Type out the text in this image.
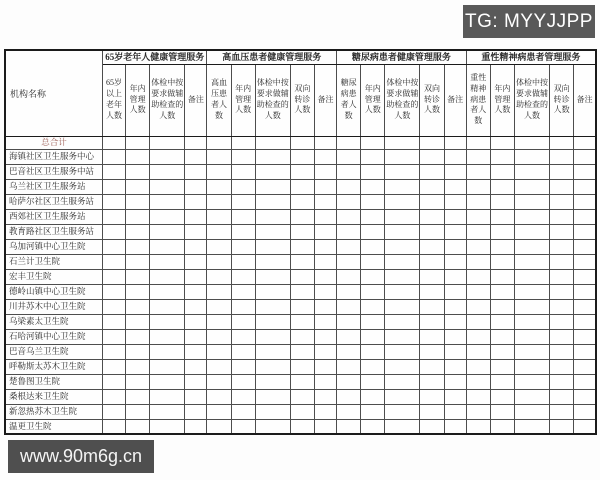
TG: MYYJJPP
机构名称	65岁老年人健康管理服务				高血压患者健康管理服务					糖尿病患者健康管理服务					重性精神病患者管理服务				
	65岁以上老年人数	年内管理人数	体检中按要求做辅助检查的人数	备注	高血压患者人数	年内管理人数	体检中按要求做辅助检查的人数	双向转诊人数	备注	糖尿病患者人数	年内管理人数	体检中按要求做辅助检查的人数	双向转诊人数	备注	重性精神病患者人数	年内管理人数	体检中按要求做辅助检查的人数	双向转诊人数	备注
总合计																			
海镇社区卫生服务中心																			
巴音社区卫生服务中站																			
乌兰社区卫生服务站																			
哈萨尔社区卫生服务站																			
西郊社区卫生服务站																			
教育路社区卫生服务站																			
乌加河镇中心卫生院																			
石兰计卫生院																			
宏丰卫生院																			
德岭山镇中心卫生院																			
川井苏木中心卫生院																			
乌梁素太卫生院																			
石哈河镇中心卫生院																			
巴音乌兰卫生院																			
呼勒斯太苏木卫生院																			
楚鲁图卫生院																			
桑根达来卫生院																			
新忽热苏木卫生院																			
温更卫生院																			
www.90m6g.cn
